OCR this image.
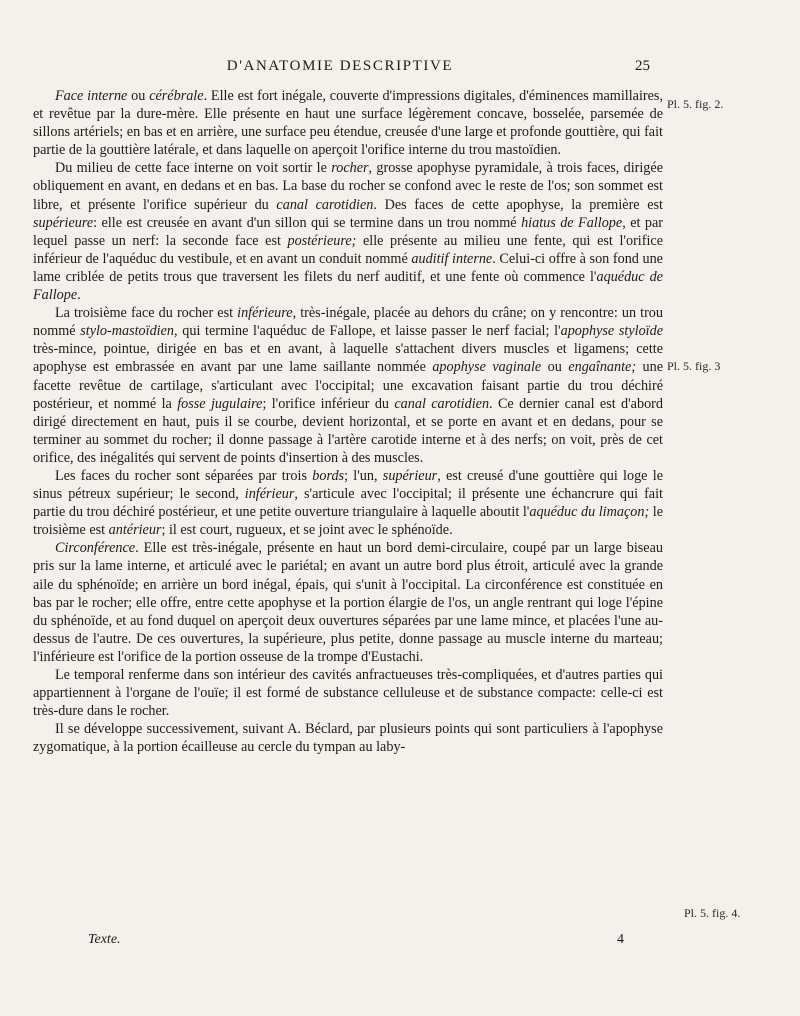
D'ANATOMIE DESCRIPTIVE	25

Face interne ou cérébrale. Elle est fort inégale, couverte d'impressions digitales, d'éminences mamillaires, et revêtue par la dure-mère. Elle présente en haut une surface légèrement concave, bosselée, parsemée de sillons artériels; en bas et en arrière, une surface peu étendue, creusée d'une large et profonde gouttière, qui fait partie de la gouttière latérale, et dans laquelle on aperçoit l'orifice interne du trou mastoïdien.

Du milieu de cette face interne on voit sortir le rocher, grosse apophyse pyramidale, à trois faces, dirigée obliquement en avant, en dedans et en bas. La base du rocher se confond avec le reste de l'os; son sommet est libre, et présente l'orifice supérieur du canal carotidien. Des faces de cette apophyse, la première est supérieure: elle est creusée en avant d'un sillon qui se termine dans un trou nommé hiatus de Fallope, et par lequel passe un nerf: la seconde face est postérieure; elle présente au milieu une fente, qui est l'orifice inférieur de l'aquéduc du vestibule, et en avant un conduit nommé auditif interne. Celui-ci offre à son fond une lame criblée de petits trous que traversent les filets du nerf auditif, et une fente où commence l'aquéduc de Fallope.

La troisième face du rocher est inférieure, très-inégale, placée au dehors du crâne; on y rencontre: un trou nommé stylo-mastoïdien, qui termine l'aquéduc de Fallope, et laisse passer le nerf facial; l'apophyse styloïde très-mince, pointue, dirigée en bas et en avant, à laquelle s'attachent divers muscles et ligamens; cette apophyse est embrassée en avant par une lame saillante nommée apophyse vaginale ou engaînante; une facette revêtue de cartilage, s'articulant avec l'occipital; une excavation faisant partie du trou déchiré postérieur, et nommé la fosse jugulaire; l'orifice inférieur du canal carotidien. Ce dernier canal est d'abord dirigé directement en haut, puis il se courbe, devient horizontal, et se porte en avant et en dedans, pour se terminer au sommet du rocher; il donne passage à l'artère carotide interne et à des nerfs; on voit, près de cet orifice, des inégalités qui servent de points d'insertion à des muscles.

Les faces du rocher sont séparées par trois bords; l'un, supérieur, est creusé d'une gouttière qui loge le sinus pétreux supérieur; le second, inférieur, s'articule avec l'occipital; il présente une échancrure qui fait partie du trou déchiré postérieur, et une petite ouverture triangulaire à laquelle aboutit l'aquéduc du limaçon; le troisième est antérieur; il est court, rugueux, et se joint avec le sphénoïde.

Circonférence. Elle est très-inégale, présente en haut un bord demi-circulaire, coupé par un large biseau pris sur la lame interne, et articulé avec le pariétal; en avant un autre bord plus étroit, articulé avec la grande aile du sphénoïde; en arrière un bord inégal, épais, qui s'unit à l'occipital. La circonférence est constituée en bas par le rocher; elle offre, entre cette apophyse et la portion élargie de l'os, un angle rentrant qui loge l'épine du sphénoïde, et au fond duquel on aperçoit deux ouvertures séparées par une lame mince, et placées l'une au-dessus de l'autre. De ces ouvertures, la supérieure, plus petite, donne passage au muscle interne du marteau; l'inférieure est l'orifice de la portion osseuse de la trompe d'Eustachi.

Le temporal renferme dans son intérieur des cavités anfractueuses très-compliquées, et d'autres parties qui appartiennent à l'organe de l'ouïe; il est formé de substance celluleuse et de substance compacte: celle-ci est très-dure dans le rocher.

Il se développe successivement, suivant A. Béclard, par plusieurs points qui sont particuliers à l'apophyse zygomatique, à la portion écailleuse au cercle du tympan au laby-

Pl. 5. fig. 2.
Pl. 5. fig. 3
Pl. 5. fig. 4.
Texte.	4
